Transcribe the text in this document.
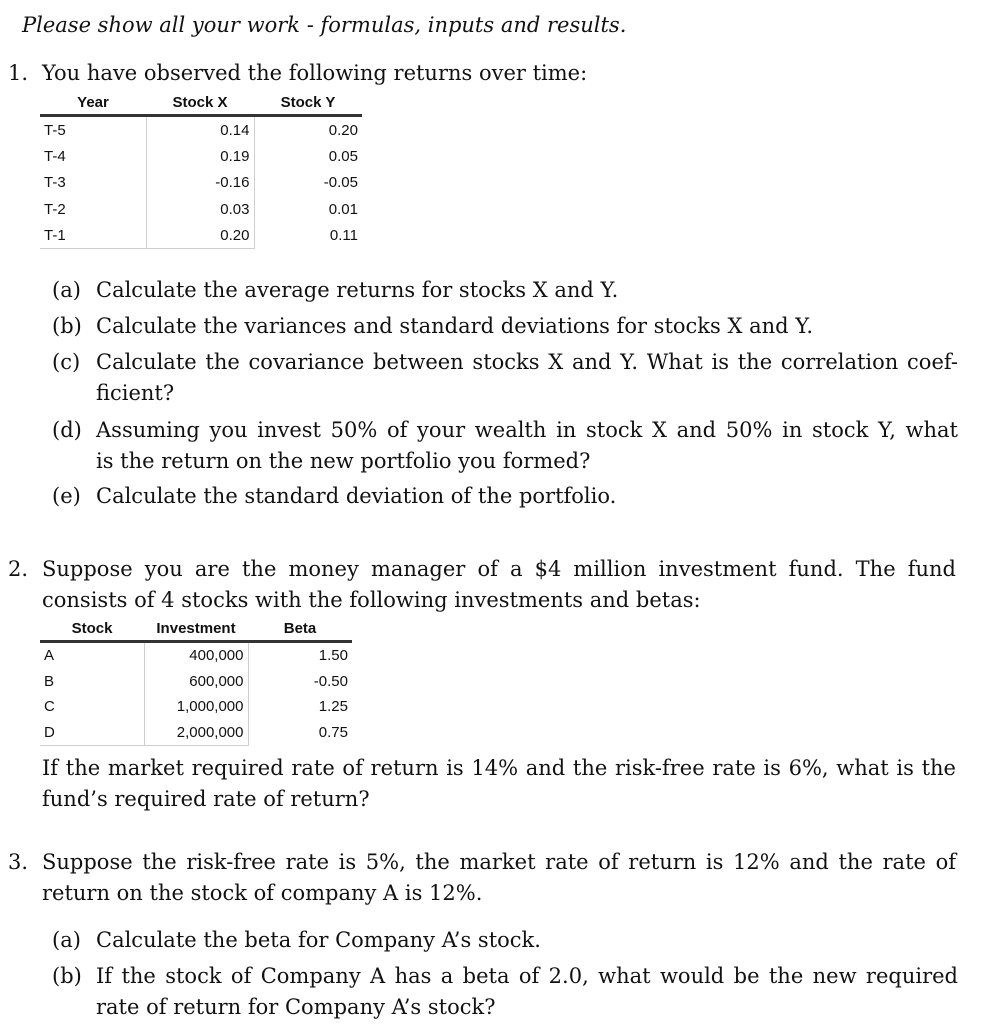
Please show all your work - formulas, inputs and results.
1. You have observed the following returns over time:
Year	Stock X	Stock Y
T-5	0.14	0.20
T-4	0.19	0.05
T-3	-0.16	-0.05
T-2	0.03	0.01
T-1	0.20	0.11
(a) Calculate the average returns for stocks X and Y.
(b) Calculate the variances and standard deviations for stocks X and Y.
(c) Calculate the covariance between stocks X and Y. What is the correlation coef-
ficient?
(d) Assuming you invest 50% of your wealth in stock X and 50% in stock Y, what
is the return on the new portfolio you formed?
(e) Calculate the standard deviation of the portfolio.
2. Suppose you are the money manager of a $4 million investment fund. The fund
consists of 4 stocks with the following investments and betas:
Stock	Investment	Beta
A	400,000	1.50
B	600,000	-0.50
C	1,000,000	1.25
D	2,000,000	0.75
If the market required rate of return is 14% and the risk-free rate is 6%, what is the
fund’s required rate of return?
3. Suppose the risk-free rate is 5%, the market rate of return is 12% and the rate of
return on the stock of company A is 12%.
(a) Calculate the beta for Company A’s stock.
(b) If the stock of Company A has a beta of 2.0, what would be the new required
rate of return for Company A’s stock?
